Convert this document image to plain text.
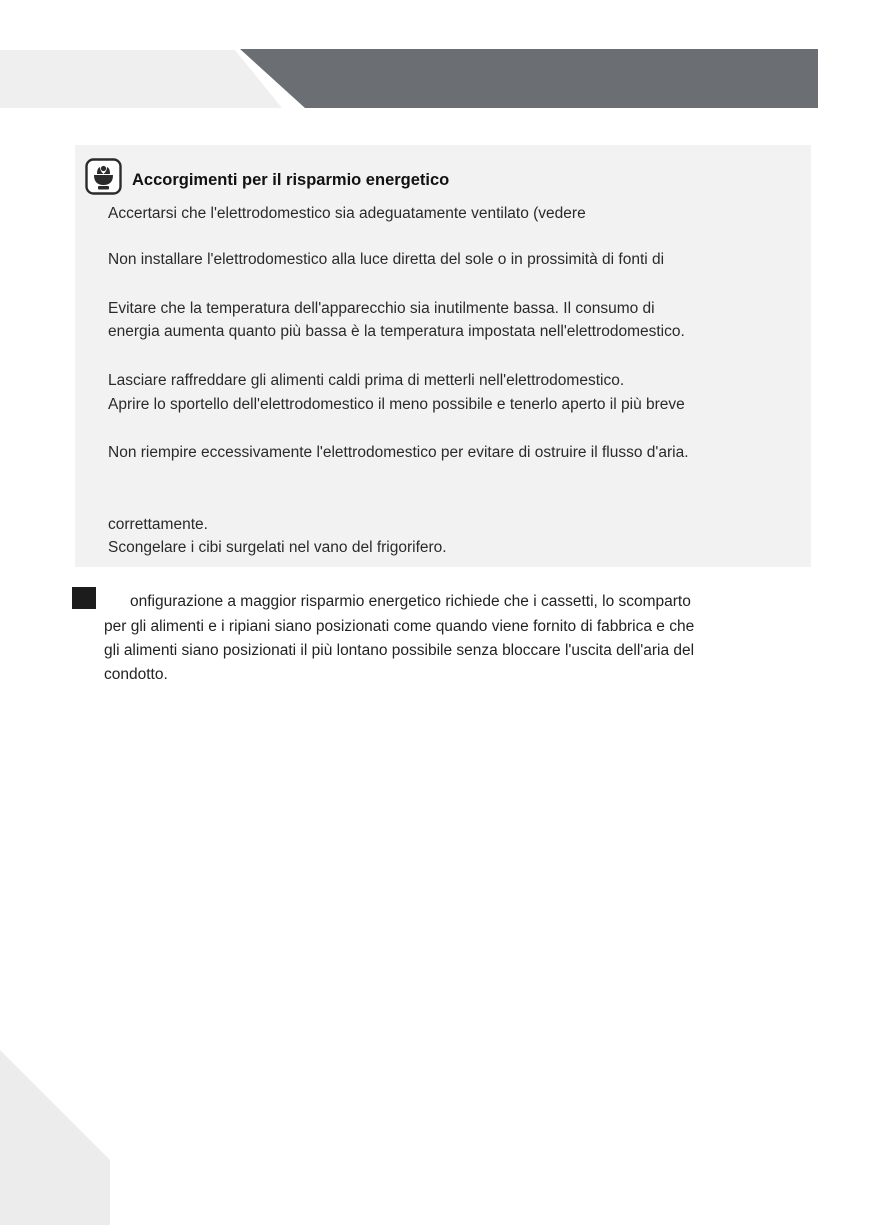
Accorgimenti per il risparmio energetico

Accertarsi che l'elettrodomestico sia adeguatamente ventilato (vedere

Non installare l'elettrodomestico alla luce diretta del sole o in prossimità di fonti di

Evitare che la temperatura dell'apparecchio sia inutilmente bassa. Il consumo di

energia aumenta quanto più bassa è la temperatura impostata nell'elettrodomestico.

Lasciare raffreddare gli alimenti caldi prima di metterli nell'elettrodomestico.

Aprire lo sportello dell'elettrodomestico il meno possibile e tenerlo aperto il più breve

Non riempire eccessivamente l'elettrodomestico per evitare di ostruire il flusso d'aria.

correttamente.

Scongelare i cibi surgelati nel vano del frigorifero.

onfigurazione a maggior risparmio energetico richiede che i cassetti, lo scomparto

per gli alimenti e i ripiani siano posizionati come quando viene fornito di fabbrica e che

gli alimenti siano posizionati il più lontano possibile senza bloccare l'uscita dell'aria del

condotto.
